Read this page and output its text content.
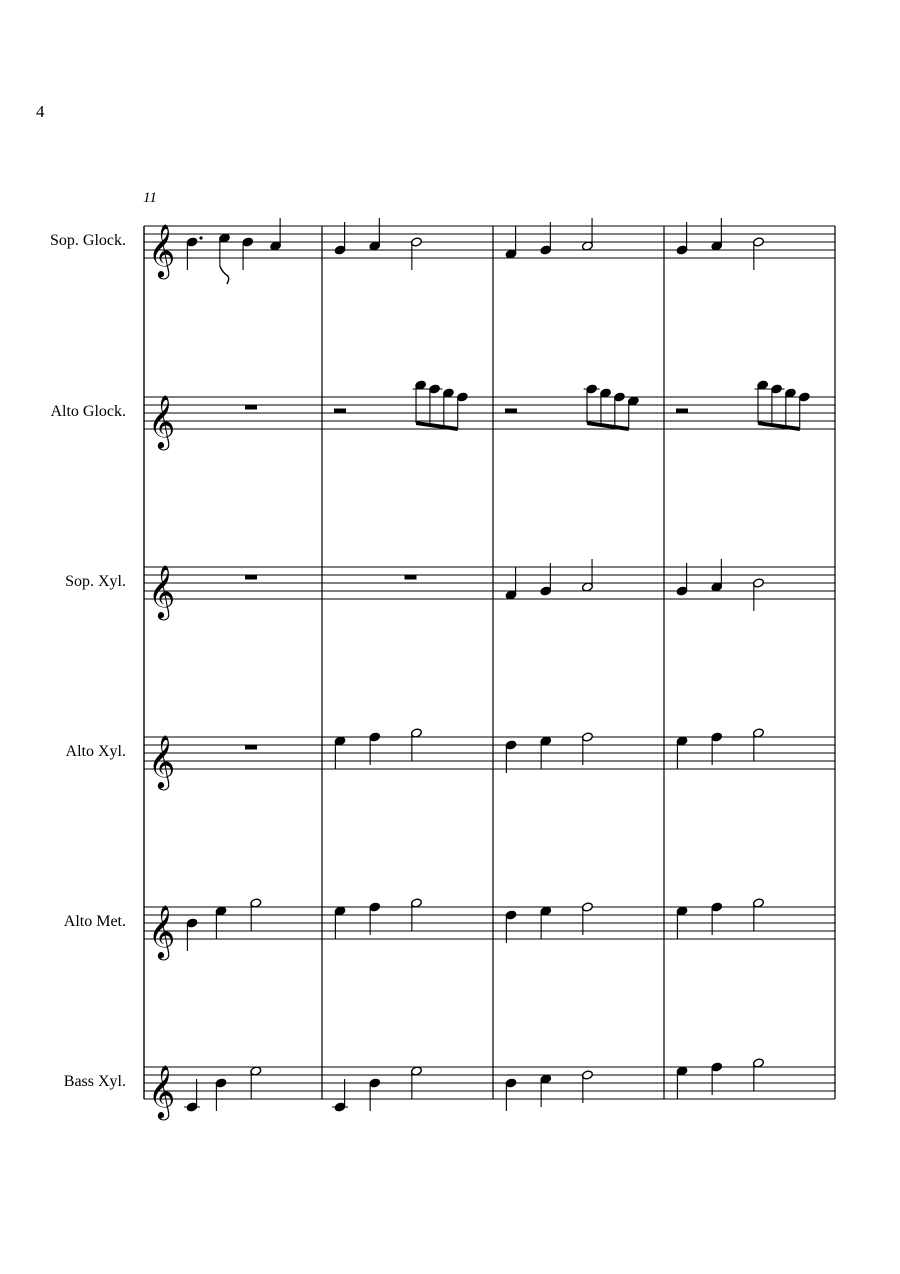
4
11
Sop. Glock.
Alto Glock.
Sop. Xyl.
Alto Xyl.
Alto Met.
Bass Xyl.
𝄞
𝄞
𝄞
𝄞
𝄞
𝄞
